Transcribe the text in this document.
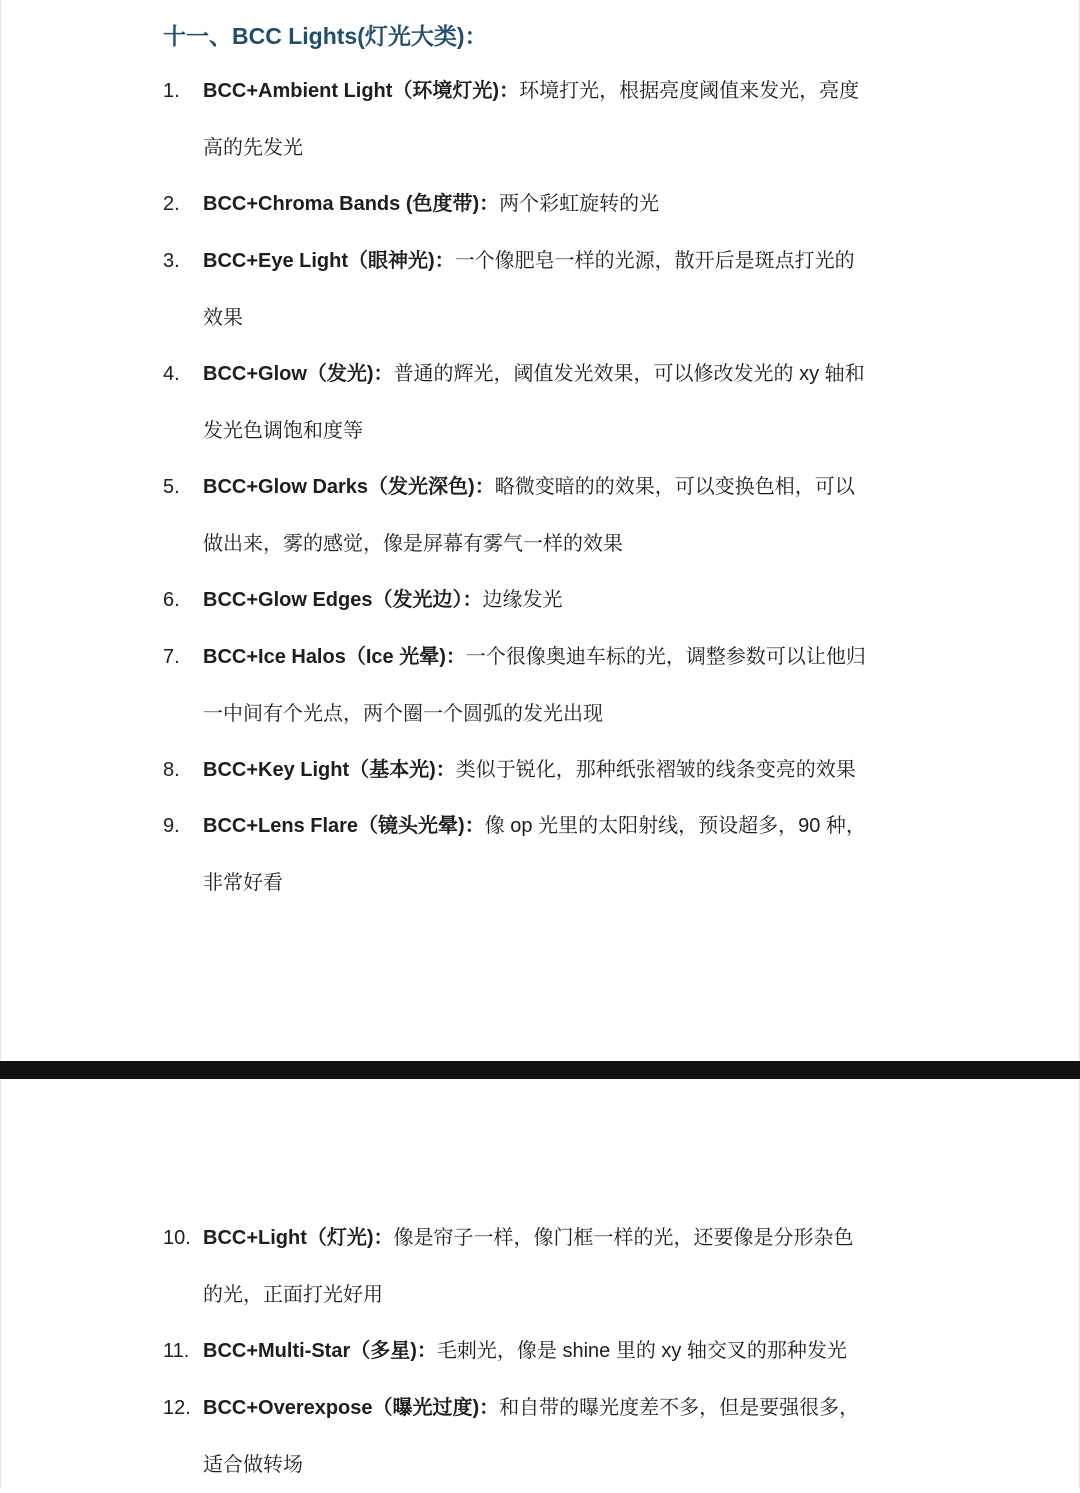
十一、BCC Lights(灯光大类)：
1.	BCC+Ambient Light（环境灯光)：环境打光，根据亮度阈值来发光，亮度
高的先发光
2.	BCC+Chroma Bands (色度带)：两个彩虹旋转的光
3.	BCC+Eye Light（眼神光)：一个像肥皂一样的光源，散开后是斑点打光的
效果
4.	BCC+Glow（发光)：普通的辉光，阈值发光效果，可以修改发光的 xy 轴和
发光色调饱和度等
5.	BCC+Glow Darks（发光深色)：略微变暗的的效果，可以变换色相，可以
做出来，雾的感觉，像是屏幕有雾气一样的效果
6.	BCC+Glow Edges（发光边）：边缘发光
7.	BCC+Ice Halos（Ice 光晕)：一个很像奥迪车标的光，调整参数可以让他归
一中间有个光点，两个圈一个圆弧的发光出现
8.	BCC+Key Light（基本光)：类似于锐化，那种纸张褶皱的线条变亮的效果
9.	BCC+Lens Flare（镜头光晕)：像 op 光里的太阳射线，预设超多，90 种，
非常好看
10. BCC+Light（灯光)：像是帘子一样，像门框一样的光，还要像是分形杂色
的光，正面打光好用
11. BCC+Multi-Star（多星)：毛刺光，像是 shine 里的 xy 轴交叉的那种发光
12. BCC+Overexpose（曝光过度)：和自带的曝光度差不多，但是要强很多，
适合做转场
